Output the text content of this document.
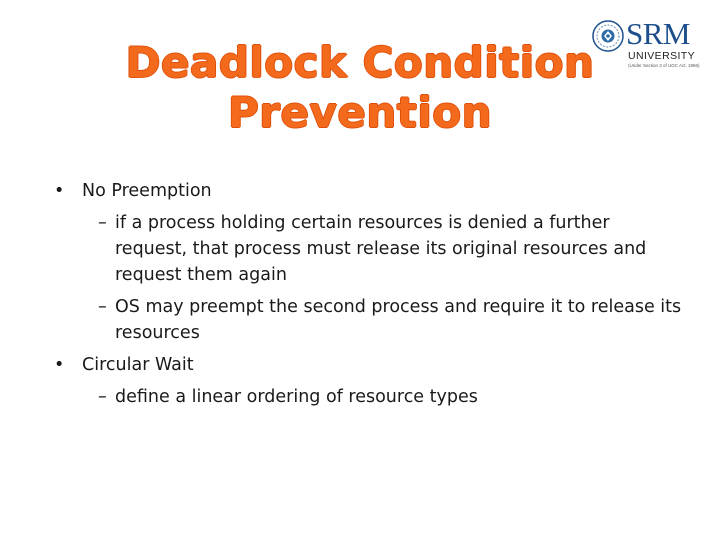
Deadlock Condition
Prevention
SRM
UNIVERSITY
(Under Section 3 of UGC Act, 1956)
• No Preemption
– if a process holding certain resources is denied a further
request, that process must release its original resources and
request them again
– OS may preempt the second process and require it to release its
resources
• Circular Wait
– define a linear ordering of resource types
